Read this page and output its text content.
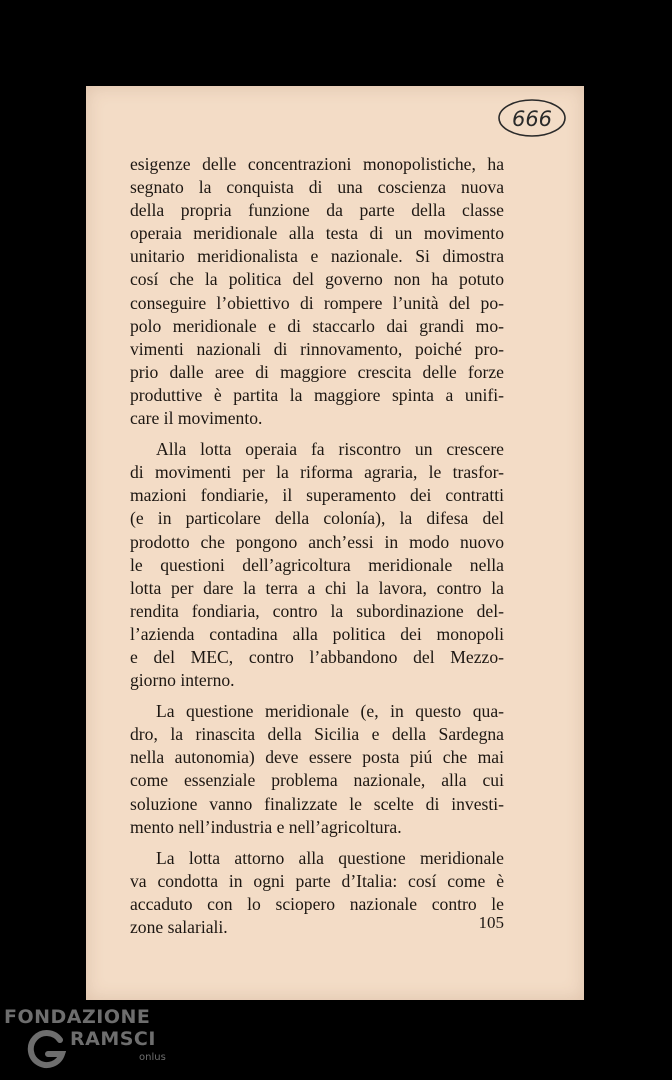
666
esigenze delle concentrazioni monopolistiche, ha
segnato la conquista di una coscienza nuova
della propria funzione da parte della classe
operaia meridionale alla testa di un movimento
unitario meridionalista e nazionale. Si dimostra
cosí che la politica del governo non ha potuto
conseguire l’obiettivo di rompere l’unità del po-
polo meridionale e di staccarlo dai grandi mo-
vimenti nazionali di rinnovamento, poiché pro-
prio dalle aree di maggiore crescita delle forze
produttive è partita la maggiore spinta a unifi-
care il movimento.
Alla lotta operaia fa riscontro un crescere
di movimenti per la riforma agraria, le trasfor-
mazioni fondiarie, il superamento dei contratti
(e in particolare della colonía), la difesa del
prodotto che pongono anch’essi in modo nuovo
le questioni dell’agricoltura meridionale nella
lotta per dare la terra a chi la lavora, contro la
rendita fondiaria, contro la subordinazione del-
l’azienda contadina alla politica dei monopoli
e del MEC, contro l’abbandono del Mezzo-
giorno interno.
La questione meridionale (e, in questo qua-
dro, la rinascita della Sicilia e della Sardegna
nella autonomia) deve essere posta piú che mai
come essenziale problema nazionale, alla cui
soluzione vanno finalizzate le scelte di investi-
mento nell’industria e nell’agricoltura.
La lotta attorno alla questione meridionale
va condotta in ogni parte d’Italia: cosí come è
accaduto con lo sciopero nazionale contro le
zone salariali.	105
FONDAZIONE
RAMSCI
onlus
